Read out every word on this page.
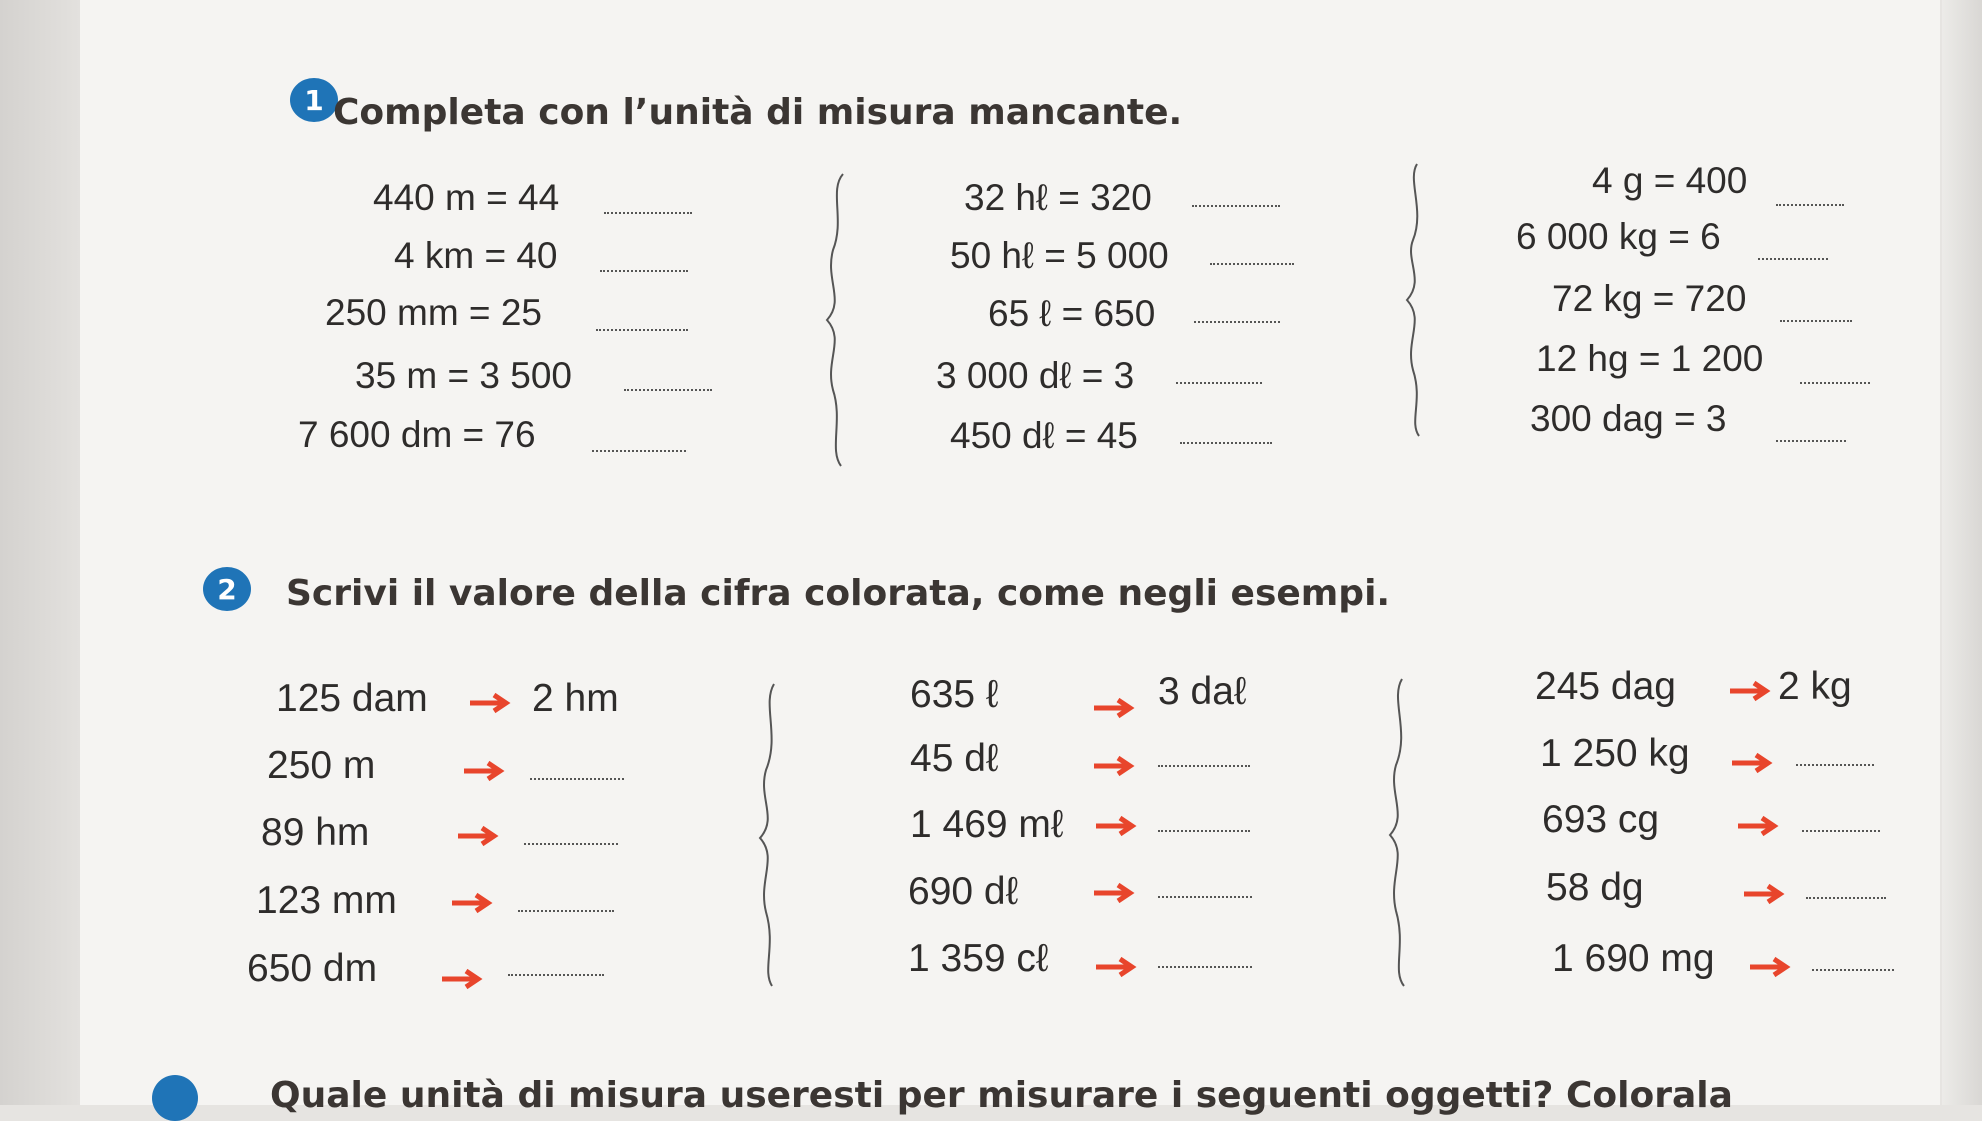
1 Completa con l’unità di misura mancante.
440 m = 44
4 km = 40
250 mm = 25
35 m = 3 500
7 600 dm = 76
32 hℓ = 320
50 hℓ = 5 000
65 ℓ = 650
3 000 dℓ = 3
450 dℓ = 45
4 g = 400
6 000 kg = 6
72 kg = 720
12 hg = 1 200
300 dag = 3
2	Scrivi il valore della cifra colorata, come negli esempi.
125 dam	2 hm
250 m
89 hm
123 mm
650 dm
635 ℓ	3 daℓ
45 dℓ
1 469 mℓ
690 dℓ
1 359 cℓ
245 dag	2 kg
1 250 kg
693 cg
58 dg
1 690 mg
Quale unità di misura useresti per misurare i seguenti oggetti? Colorala
